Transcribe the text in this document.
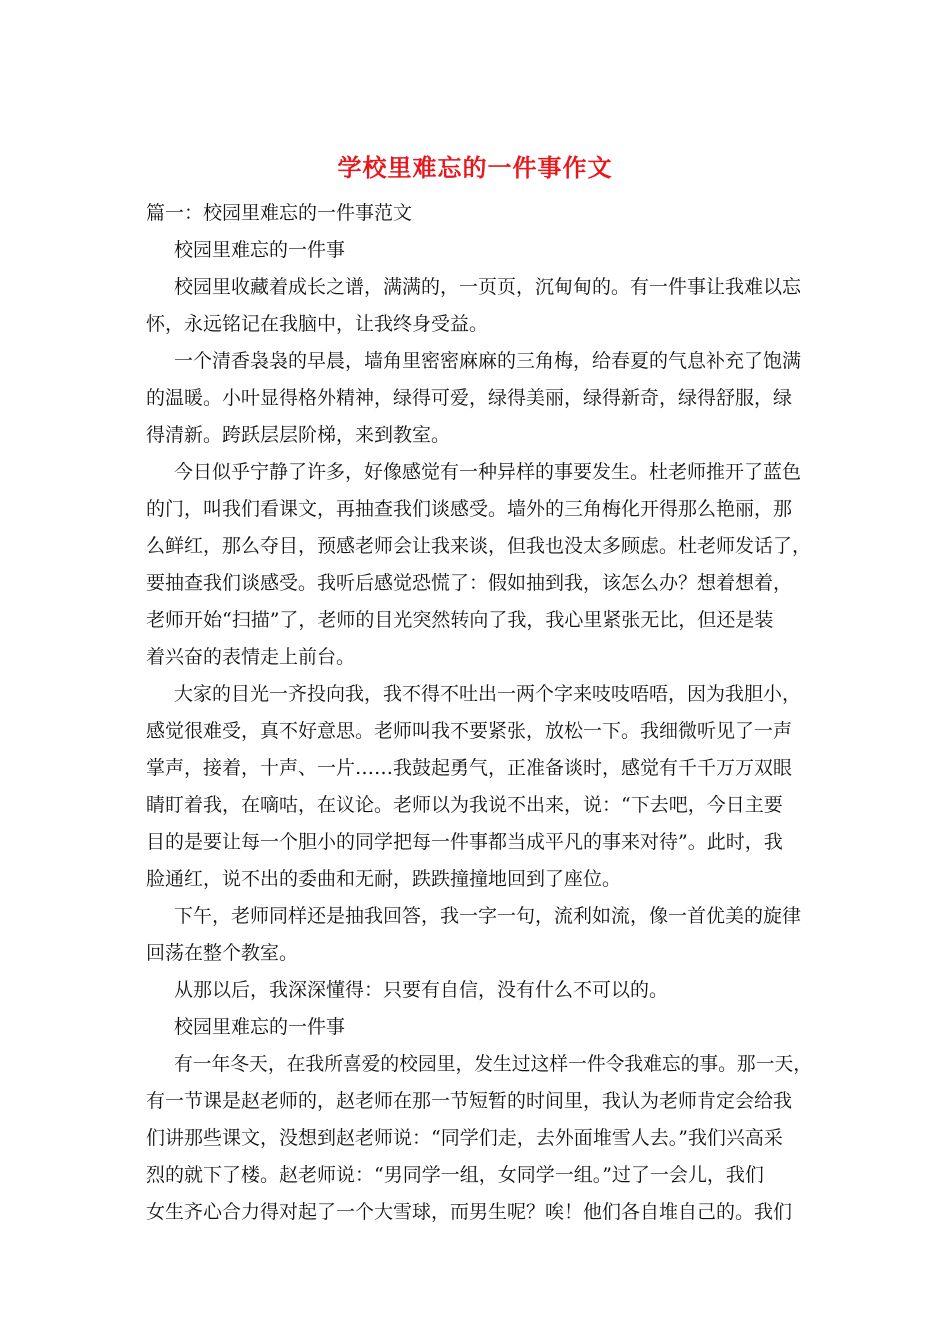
学校里难忘的一件事作文
篇一：校园里难忘的一件事范文
校园里难忘的一件事
校园里收藏着成长之谱，满满的，一页页，沉甸甸的。有一件事让我难以忘
怀，永远铭记在我脑中，让我终身受益。
一个清香袅袅的早晨，墙角里密密麻麻的三角梅，给春夏的气息补充了饱满
的温暖。小叶显得格外精神，绿得可爱，绿得美丽，绿得新奇，绿得舒服，绿
得清新。跨跃层层阶梯，来到教室。
今日似乎宁静了许多，好像感觉有一种异样的事要发生。杜老师推开了蓝色
的门，叫我们看课文，再抽查我们谈感受。墙外的三角梅化开得那么艳丽，那
么鲜红，那么夺目，预感老师会让我来谈，但我也没太多顾虑。杜老师发话了，
要抽查我们谈感受。我听后感觉恐慌了：假如抽到我，该怎么办？想着想着，
老师开始“扫描”了，老师的目光突然转向了我，我心里紧张无比，但还是装
着兴奋的表情走上前台。
大家的目光一齐投向我，我不得不吐出一两个字来吱吱唔唔，因为我胆小，
感觉很难受，真不好意思。老师叫我不要紧张，放松一下。我细微听见了一声
掌声，接着，十声、一片……我鼓起勇气，正准备谈时，感觉有千千万万双眼
睛盯着我，在嘀咕，在议论。老师以为我说不出来，说：“下去吧，今日主要
目的是要让每一个胆小的同学把每一件事都当成平凡的事来对待”。此时，我
脸通红，说不出的委曲和无耐，跌跌撞撞地回到了座位。
下午，老师同样还是抽我回答，我一字一句，流利如流，像一首优美的旋律
回荡在整个教室。
从那以后，我深深懂得：只要有自信，没有什么不可以的。
校园里难忘的一件事
有一年冬天，在我所喜爱的校园里，发生过这样一件令我难忘的事。那一天，
有一节课是赵老师的，赵老师在那一节短暂的时间里，我认为老师肯定会给我
们讲那些课文，没想到赵老师说：“同学们走，去外面堆雪人去。”我们兴高采
烈的就下了楼。赵老师说：“男同学一组，女同学一组。”过了一会儿，我们
女生齐心合力得对起了一个大雪球，而男生呢？唉！他们各自堆自己的。我们
